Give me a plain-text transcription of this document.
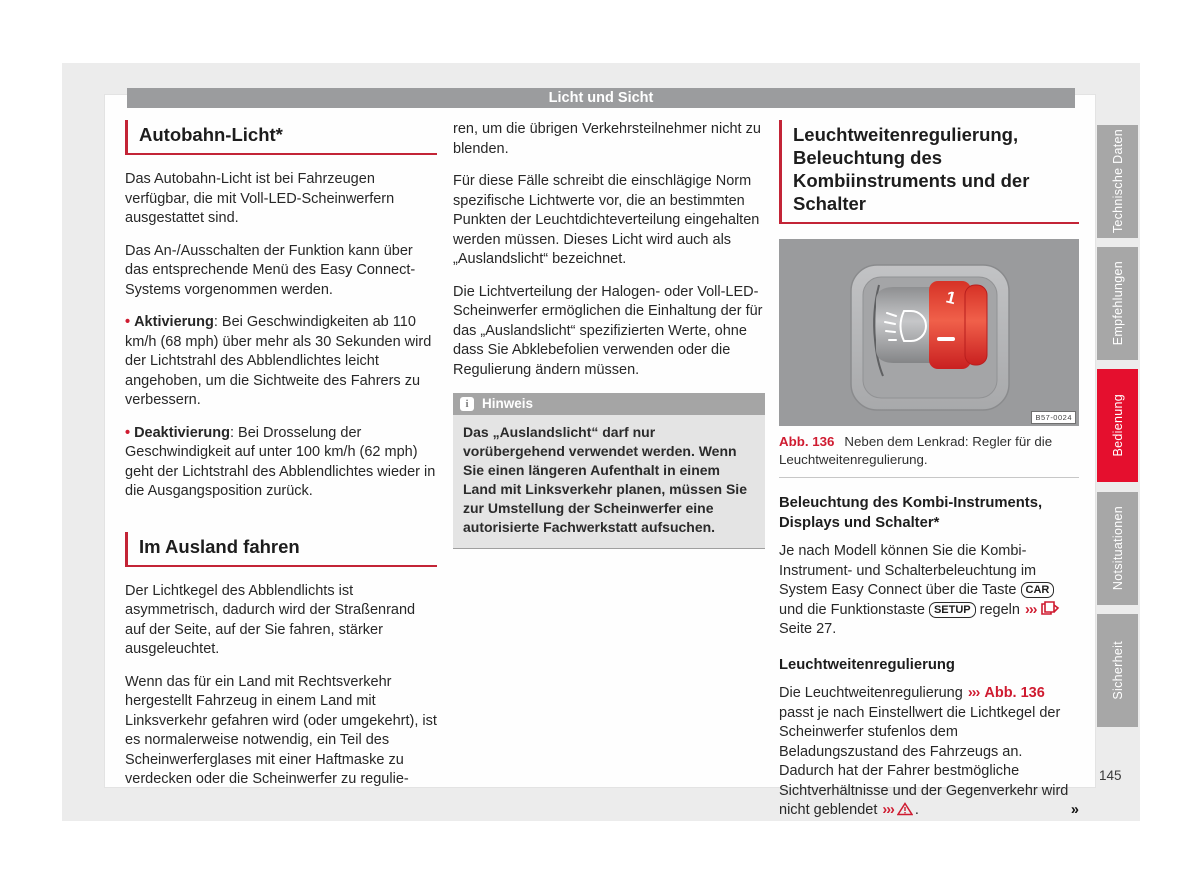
Licht und Sicht
Autobahn-Licht*

Das Autobahn-Licht ist bei Fahrzeugen verfügbar, die mit Voll-LED-Scheinwerfern ausgestattet sind.

Das An-/Ausschalten der Funktion kann über das entsprechende Menü des Easy Connect-Systems vorgenommen werden.

• Aktivierung: Bei Geschwindigkeiten ab 110 km/h (68 mph) über mehr als 30 Sekunden wird der Lichtstrahl des Abblendlichtes leicht angehoben, um die Sichtweite des Fahrers zu verbessern.

• Deaktivierung: Bei Drosselung der Geschwindigkeit auf unter 100 km/h (62 mph) geht der Lichtstrahl des Abblendlichtes wieder in die Ausgangsposition zurück.

Im Ausland fahren

Der Lichtkegel des Abblendlichts ist asymmetrisch, dadurch wird der Straßenrand auf der Seite, auf der Sie fahren, stärker ausgeleuchtet.

Wenn das für ein Land mit Rechtsverkehr hergestellt Fahrzeug in einem Land mit Linksverkehr gefahren wird (oder umgekehrt), ist es normalerweise notwendig, ein Teil des Scheinwerferglases mit einer Haftmaske zu verdecken oder die Scheinwerfer zu regulie-

ren, um die übrigen Verkehrsteilnehmer nicht zu blenden.

Für diese Fälle schreibt die einschlägige Norm spezifische Lichtwerte vor, die an bestimmten Punkten der Leuchtdichteverteilung eingehalten werden müssen. Dieses Licht wird auch als „Auslandslicht“ bezeichnet.

Die Lichtverteilung der Halogen- oder Voll-LED-Scheinwerfer ermöglichen die Einhaltung der für das „Auslandslicht“ spezifizierten Werte, ohne dass Sie Abklebefolien verwenden oder die Regulierung ändern müssen.

i Hinweis
Das „Auslandslicht“ darf nur vorübergehend verwendet werden. Wenn Sie einen längeren Aufenthalt in einem Land mit Linksverkehr planen, müssen Sie zur Umstellung der Scheinwerfer eine autorisierte Fachwerkstatt aufsuchen.
Leuchtweitenregulierung, Beleuchtung des Kombiinstruments und der Schalter
1
B57-0024
Abb. 136 Neben dem Lenkrad: Regler für die Leuchtweitenregulierung.
Beleuchtung des Kombi-Instruments, Displays und Schalter*

Je nach Modell können Sie die Kombi-Instrument- und Schalterbeleuchtung im System Easy Connect über die Taste CAR und die Funktionstaste SETUP regeln ››› Seite 27.

Leuchtweitenregulierung

Die Leuchtweitenregulierung ››› Abb. 136 passt je nach Einstellwert die Lichtkegel der Scheinwerfer stufenlos dem Beladungszustand des Fahrzeugs an. Dadurch hat der Fahrer bestmögliche Sichtverhältnisse und der Gegenverkehr wird nicht geblendet ››› .	»

Technische Daten
Empfehlungen
Bedienung
Notsituationen
Sicherheit
145
